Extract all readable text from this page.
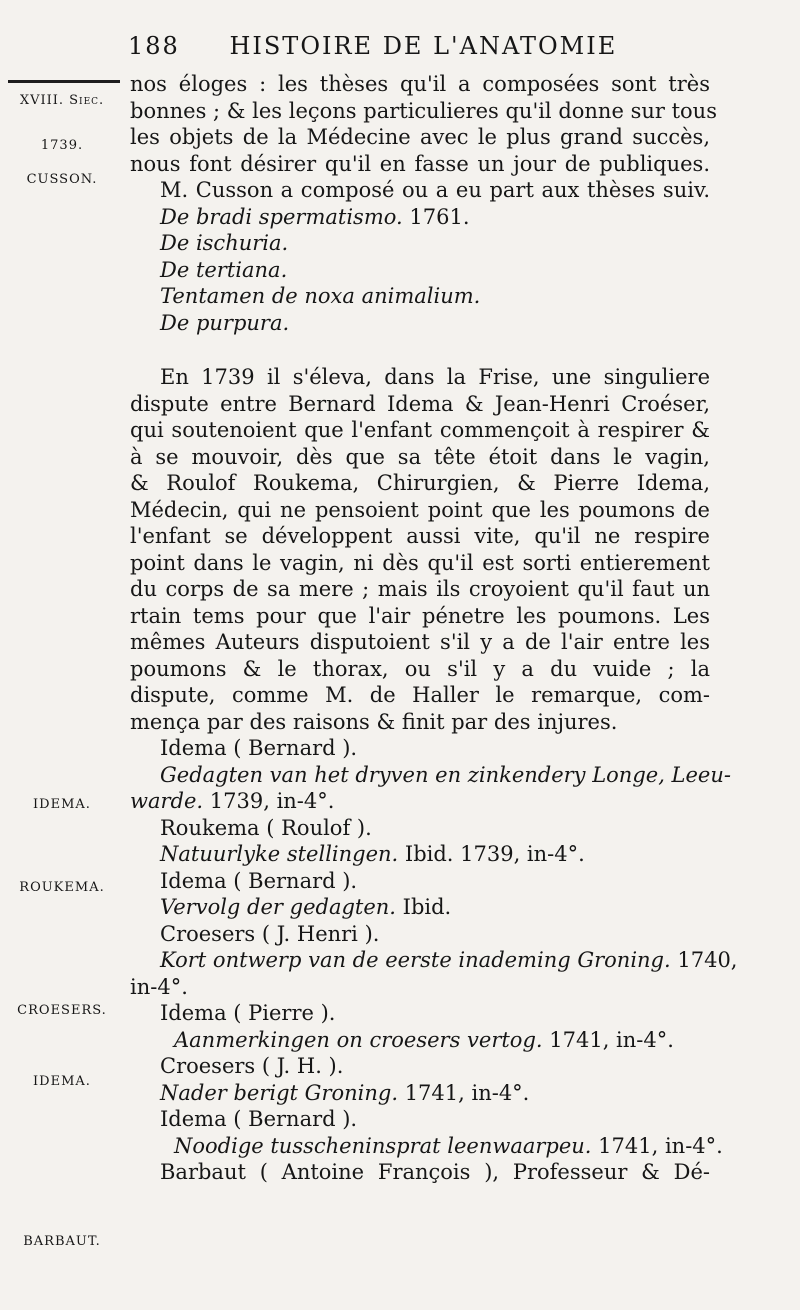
188 HISTOIRE DE L'ANATOMIE
XVIII. Siec.
1739.
CUSSON.
IDEMA.
ROUKEMA.
CROESERS.
IDEMA.
BARBAUT.
nos éloges : les thèses qu'il a composées sont très
bonnes ; & les leçons particulieres qu'il donne sur tous
les objets de la Médecine avec le plus grand succès,
nous font désirer qu'il en fasse un jour de publiques.
M. Cusson a composé ou a eu part aux thèses suiv.
De bradi spermatismo. 1761.
De ischuria.
De tertiana.
Tentamen de noxa animalium.
De purpura.
En 1739 il s'éleva, dans la Frise, une singuliere
dispute entre Bernard Idema & Jean-Henri Croéser,
qui soutenoient que l'enfant commençoit à respirer &
à se mouvoir, dès que sa tête étoit dans le vagin,
& Roulof Roukema, Chirurgien, & Pierre Idema,
Médecin, qui ne pensoient point que les poumons de
l'enfant se développent aussi vite, qu'il ne respire
point dans le vagin, ni dès qu'il est sorti entierement
du corps de sa mere ; mais ils croyoient qu'il faut un
rtain tems pour que l'air pénetre les poumons. Les
mêmes Auteurs disputoient s'il y a de l'air entre les
poumons & le thorax, ou s'il y a du vuide ; la
dispute, comme M. de Haller le remarque, com-
mença par des raisons & finit par des injures.
Idema ( Bernard ).
Gedagten van het dryven en zinkendery Longe, Leeu-
warde. 1739, in-4°.
Roukema ( Roulof ).
Natuurlyke stellingen. Ibid. 1739, in-4°.
Idema ( Bernard ).
Vervolg der gedagten. Ibid.
Croesers ( J. Henri ).
Kort ontwerp van de eerste inademing Groning. 1740,
in-4°.
Idema ( Pierre ).
Aanmerkingen on croesers vertog. 1741, in-4°.
Croesers ( J. H. ).
Nader berigt Groning. 1741, in-4°.
Idema ( Bernard ).
Noodige tusscheninsprat leenwaarpeu. 1741, in-4°.
Barbaut ( Antoine François ), Professeur & Dé-
